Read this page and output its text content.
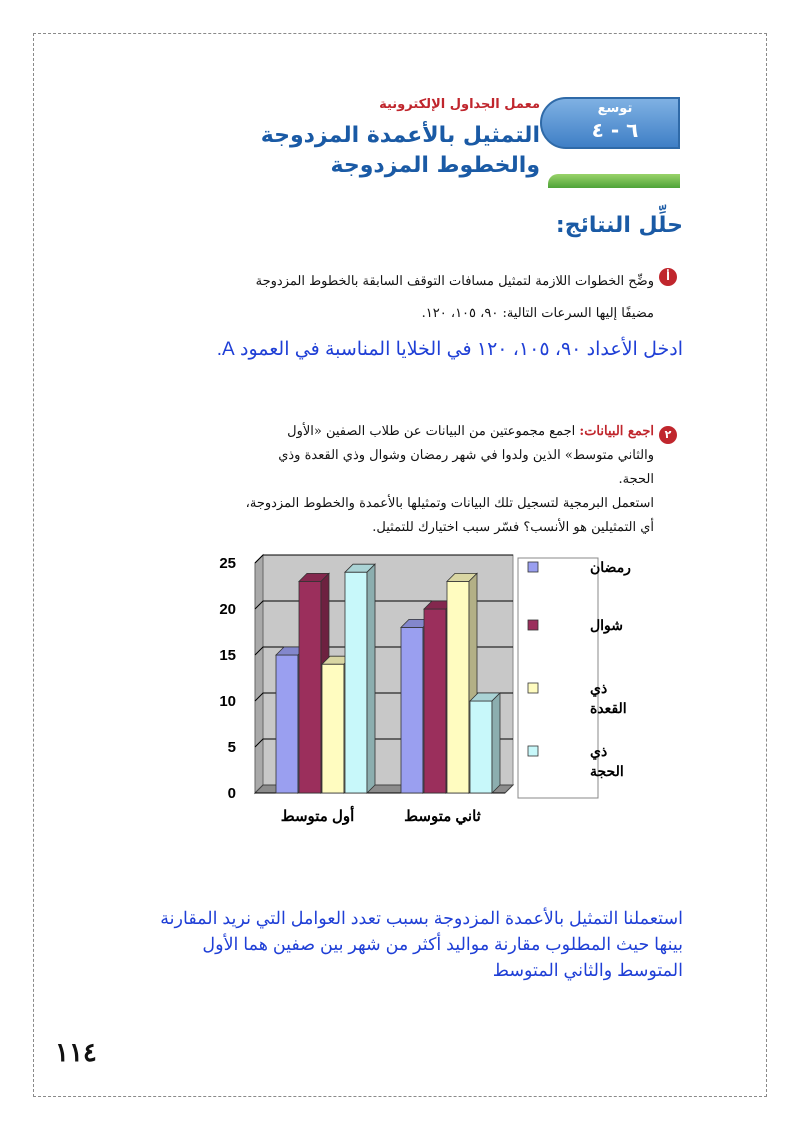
معمل الجداول الإلكترونية
التمثيل بالأعمدة المزدوجة
والخطوط المزدوجة
توسع
٦ - ٤
حلِّل النتائج:
أ
وضِّح الخطوات اللازمة لتمثيل مسافات التوقف السابقة بالخطوط المزدوجة
مضيفًا إليها السرعات التالية: ٩٠، ١٠٥، ١٢٠.
ادخل الأعداد ٩٠، ١٠٥، ١٢٠ في الخلايا المناسبة في العمود A.
٢
اجمع البيانات: اجمع مجموعتين من البيانات عن طلاب الصفين «الأول
والثاني متوسط» الذين ولدوا في شهر رمضان وشوال وذي القعدة وذي الحجة.
استعمل البرمجية لتسجيل تلك البيانات وتمثيلها بالأعمدة والخطوط المزدوجة،
أي التمثيلين هو الأنسب؟ فسّر سبب اختيارك للتمثيل.
0
5
10
15
20
25
أول متوسط	ثاني متوسط
رمضان
شوال
ذي
القعدة
ذي
الحجة
استعملنا التمثيل بالأعمدة المزدوجة بسبب تعدد العوامل التي نريد المقارنة
بينها حيث المطلوب مقارنة مواليد أكثر من شهر بين صفين هما الأول
المتوسط والثاني المتوسط
١١٤
